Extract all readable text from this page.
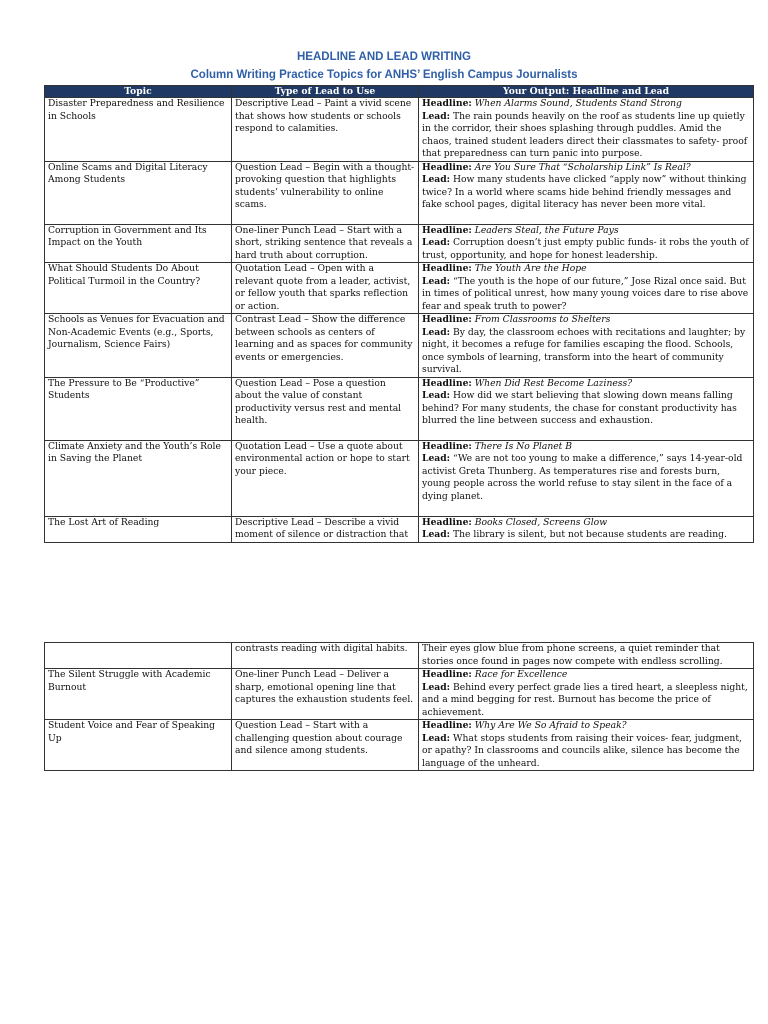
HEADLINE AND LEAD WRITING
Column Writing Practice Topics for ANHS’ English Campus Journalists
Topic	Type of Lead to Use	Your Output: Headline and Lead
Disaster Preparedness and Resilience in Schools	Descriptive Lead – Paint a vivid scene that shows how students or schools respond to calamities.	Headline: When Alarms Sound, Students Stand Strong
Lead: The rain pounds heavily on the roof as students line up quietly in the corridor, their shoes splashing through puddles. Amid the chaos, trained student leaders direct their classmates to safety- proof that preparedness can turn panic into purpose.
Online Scams and Digital Literacy Among Students	Question Lead – Begin with a thought-provoking question that highlights students’ vulnerability to online scams.	Headline: Are You Sure That “Scholarship Link” Is Real?
Lead: How many students have clicked “apply now” without thinking twice? In a world where scams hide behind friendly messages and fake school pages, digital literacy has never been more vital.
Corruption in Government and Its Impact on the Youth	One-liner Punch Lead – Start with a short, striking sentence that reveals a hard truth about corruption.	Headline: Leaders Steal, the Future Pays
Lead: Corruption doesn’t just empty public funds- it robs the youth of trust, opportunity, and hope for honest leadership.
What Should Students Do About Political Turmoil in the Country?	Quotation Lead – Open with a relevant quote from a leader, activist, or fellow youth that sparks reflection or action.	Headline: The Youth Are the Hope
Lead: “The youth is the hope of our future,” Jose Rizal once said. But in times of political unrest, how many young voices dare to rise above fear and speak truth to power?
Schools as Venues for Evacuation and Non-Academic Events (e.g., Sports, Journalism, Science Fairs)	Contrast Lead – Show the difference between schools as centers of learning and as spaces for community events or emergencies.	Headline: From Classrooms to Shelters
Lead: By day, the classroom echoes with recitations and laughter; by night, it becomes a refuge for families escaping the flood. Schools, once symbols of learning, transform into the heart of community survival.
The Pressure to Be “Productive” Students	Question Lead – Pose a question about the value of constant productivity versus rest and mental health.	Headline: When Did Rest Become Laziness?
Lead: How did we start believing that slowing down means falling behind? For many students, the chase for constant productivity has blurred the line between success and exhaustion.
Climate Anxiety and the Youth’s Role in Saving the Planet	Quotation Lead – Use a quote about environmental action or hope to start your piece.	Headline: There Is No Planet B
Lead: “We are not too young to make a difference,” says 14-year-old activist Greta Thunberg. As temperatures rise and forests burn, young people across the world refuse to stay silent in the face of a dying planet.
The Lost Art of Reading	Descriptive Lead – Describe a vivid moment of silence or distraction that	Headline: Books Closed, Screens Glow
Lead: The library is silent, but not because students are reading.
	contrasts reading with digital habits.	Their eyes glow blue from phone screens, a quiet reminder that stories once found in pages now compete with endless scrolling.
The Silent Struggle with Academic Burnout	One-liner Punch Lead – Deliver a sharp, emotional opening line that captures the exhaustion students feel.	Headline: Race for Excellence
Lead: Behind every perfect grade lies a tired heart, a sleepless night, and a mind begging for rest. Burnout has become the price of achievement.
Student Voice and Fear of Speaking Up	Question Lead – Start with a challenging question about courage and silence among students.	Headline: Why Are We So Afraid to Speak?
Lead: What stops students from raising their voices- fear, judgment, or apathy? In classrooms and councils alike, silence has become the language of the unheard.
